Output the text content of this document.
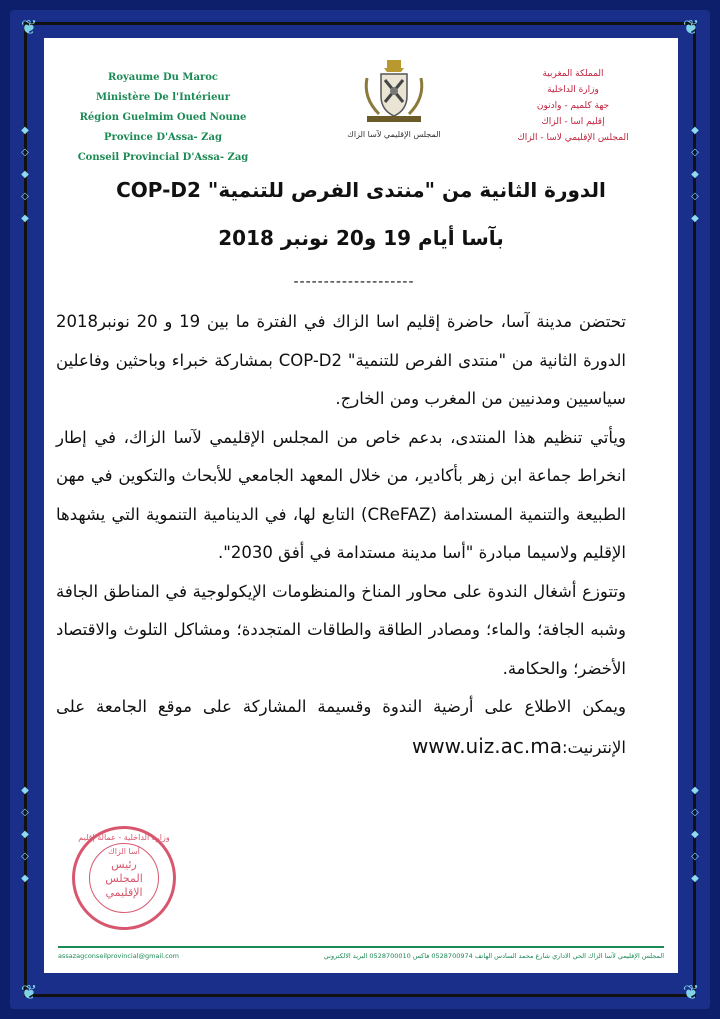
❦	❦
❦	❦
◆
◇
◆
◇
◆
◆
◇
◆
◇
◆
◆
◇
◆
◇
◆
◆
◇
◆
◇
◆
Royaume Du Maroc
Ministère De l'Intérieur
Région Guelmim Oued Noune
Province D'Assa- Zag
Conseil Provincial D'Assa- Zag
المجلس الإقليمي لآسا الزاك
المملكة المغربية
وزارة الداخلية
جهة كلميم - وادنون
إقليم اسا - الزاك
المجلس الإقليمي لاسا - الزاك
الدورة الثانية من "منتدى الفرص للتنمية" COP-D2
بآسا أيام 19 و20 نونبر 2018
--------------------

تحتضن مدينة آسا، حاضرة إقليم اسا الزاك في الفترة ما بين 19 و 20 نونبر2018 الدورة الثانية من "منتدى الفرص للتنمية" COP-D2 بمشاركة خبراء وباحثين وفاعلين سياسيين ومدنيين من المغرب ومن الخارج.

ويأتي تنظيم هذا المنتدى، بدعم خاص من المجلس الإقليمي لآسا الزاك، في إطار انخراط جماعة ابن زهر بأكادير، من خلال المعهد الجامعي للأبحاث والتكوين في مهن الطبيعة والتنمية المستدامة (CReFAZ) التابع لها، في الدينامية التنموية التي يشهدها الإقليم ولاسيما مبادرة "أسا مدينة مستدامة في أفق 2030".

وتتوزع أشغال الندوة على محاور المناخ والمنظومات الإيكولوجية في المناطق الجافة وشبه الجافة؛ والماء؛ ومصادر الطاقة والطاقات المتجددة؛ ومشاكل التلوث والاقتصاد الأخضر؛ والحكامة.

ويمكن الاطلاع على أرضية الندوة وقسيمة المشاركة على موقع الجامعة على الإنترنيت:www.uiz.ac.ma

وزارة الداخلية - عمالة إقليم أسا الزاك
رئيس
المجلس
الإقليمي
assazagconseilprovincial@gmail.com	المجلس الإقليمي لآسا الزاك الحي الاداري شارع محمد السادس الهاتف 0528700974 فاكس 0528700010 البريد الالكتروني
